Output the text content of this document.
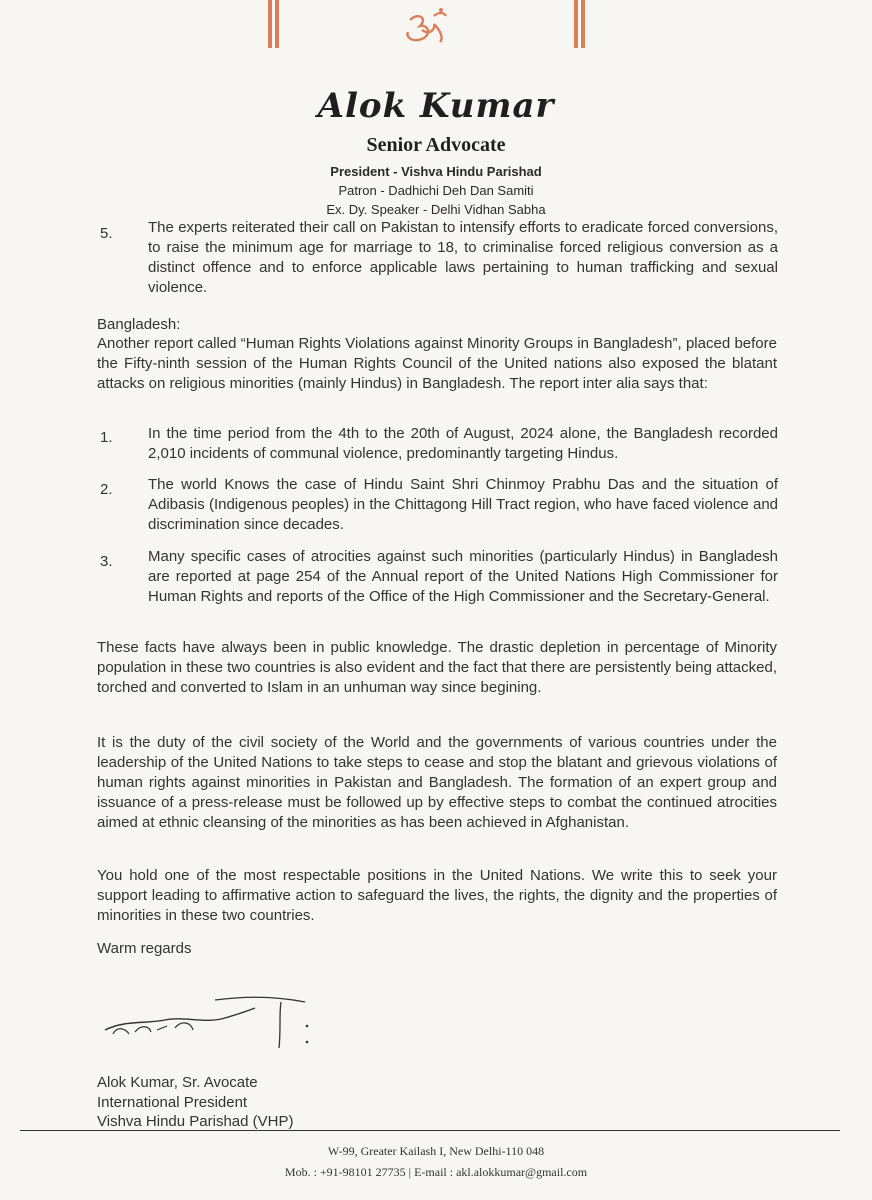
Alok Kumar
Senior Advocate
President - Vishva Hindu Parishad
Patron - Dadhichi Deh Dan Samiti
Ex. Dy. Speaker - Delhi Vidhan Sabha
5. The experts reiterated their call on Pakistan to intensify efforts to eradicate forced conversions, to raise the minimum age for marriage to 18, to criminalise forced religious conversion as a distinct offence and to enforce applicable laws pertaining to human trafficking and sexual violence.
Bangladesh:
Another report called “Human Rights Violations against Minority Groups in Bangladesh”, placed before the Fifty-ninth session of the Human Rights Council of the United nations also exposed the blatant attacks on religious minorities (mainly Hindus) in Bangladesh. The report inter alia says that:
1. In the time period from the 4th to the 20th of August, 2024 alone, the Bangladesh recorded 2,010 incidents of communal violence, predominantly targeting Hindus.
2. The world Knows the case of Hindu Saint Shri Chinmoy Prabhu Das and the situation of Adibasis (Indigenous peoples) in the Chittagong Hill Tract region, who have faced violence and discrimination since decades.
3. Many specific cases of atrocities against such minorities (particularly Hindus) in Bangladesh are reported at page 254 of the Annual report of the United Nations High Commissioner for Human Rights and reports of the Office of the High Commissioner and the Secretary-General.
These facts have always been in public knowledge. The drastic depletion in percentage of Minority population in these two countries is also evident and the fact that there are persistently being attacked, torched and converted to Islam in an unhuman way since begining.
It is the duty of the civil society of the World and the governments of various countries under the leadership of the United Nations to take steps to cease and stop the blatant and grievous violations of human rights against minorities in Pakistan and Bangladesh. The formation of an expert group and issuance of a press-release must be followed up by effective steps to combat the continued atrocities aimed at ethnic cleansing of the minorities as has been achieved in Afghanistan.
You hold one of the most respectable positions in the United Nations. We write this to seek your support leading to affirmative action to safeguard the lives, the rights, the dignity and the properties of minorities in these two countries.
Warm regards
Alok Kumar, Sr. Avocate
International President
Vishva Hindu Parishad (VHP)
W-99, Greater Kailash I, New Delhi-110 048
Mob. : +91-98101 27735 | E-mail : akl.alokkumar@gmail.com
